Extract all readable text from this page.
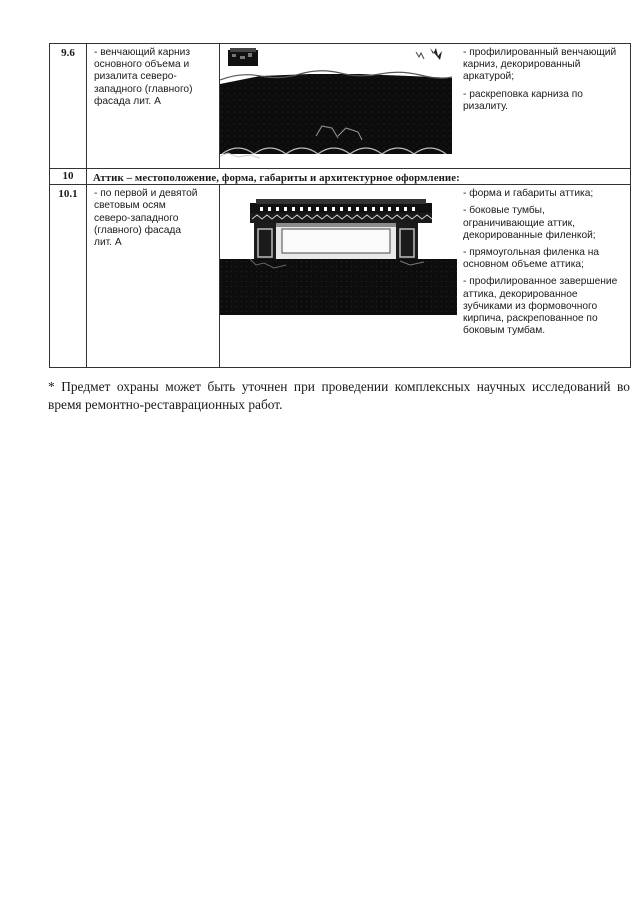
9.6	- венчающий карниз основного объема и ризалита северо-западного (главного) фасада лит. А		- профилированный венчающий карниз, декорированный аркатурой;

- раскреповка карниза по ризалиту.

10	Аттик – местоположение, форма, габариты и архитектурное оформление:		
10.1	- по первой и девятой световым осям северо-западного (главного) фасада лит. А		- форма и габариты аттика;

- боковые тумбы, ограничивающие аттик, декорированные филенкой;

- прямоугольная филенка на основном объеме аттика;

- профилированное завершение аттика, декорированное зубчиками из формовочного кирпича, раскрепованное по боковым тумбам.

* Предмет охраны может быть уточнен при проведении комплексных научных исследований во время ремонтно-реставрационных работ.
